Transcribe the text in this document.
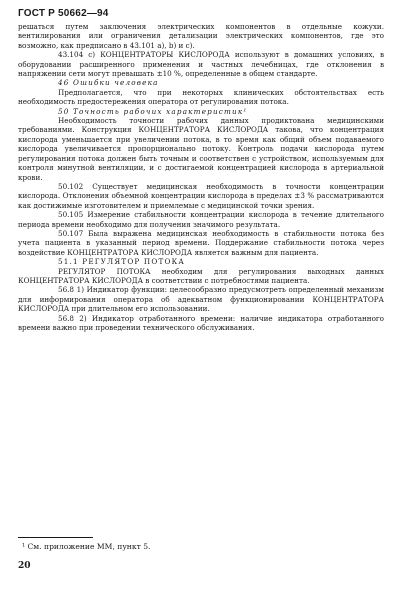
ГОСТ Р 50662—94

решаться путем заключения электрических компонентов в отдельные кожухи. вентилирования или ограничения детализации электрических компонентов, где это возможно, как предписано в 43.101 а), b) и с).

43.104 с) КОНЦЕНТРАТОРЫ КИСЛОРОДА используют в домашних условиях, в оборудовании расширенного применения и частных лечебницах, где отклонения в напряжении сети могут превышать ±10 %, определенные в общем стандарте.

46 Ошибки человека

Предполагается, что при некоторых клинических обстоятельствах есть необходимость предостережения оператора от регулирования потока.

50 Точность рабочих характеристик¹

Необходимость точности рабочих данных продиктована медицинскими требованиями. Конструкция КОНЦЕНТРАТОРА КИСЛОРОДА такова, что концентрация кислорода уменьшается при увеличении потока, в то время как общий объем подаваемого кислорода увеличивается пропорционально потоку. Контроль подачи кислорода путем регулирования потока должен быть точным и соответствен с устройством, используемым для контроля минутной вентиляции, и с достигаемой концентрацией кислорода в артериальной крови.

50.102 Существует медицинская необходимость в точности концентрации кислорода. Отклонения объемной концентрации кислорода в пределах ±3 % рассматриваются как достижимые изготовителем и приемлемые с медицинской точки зрения.

50.105 Измерение стабильности концентрации кислорода в течение длительного периода времени необходимо для получения значимого результата.

50.107 Была выражена медицинская необходимость в стабильности потока без учета пациента в указанный период времени. Поддержание стабильности потока через воздействие КОНЦЕНТРАТОРА КИСЛОРОДА является важным для пациента.

51.1 РЕГУЛЯТОР ПОТОКА

РЕГУЛЯТОР ПОТОКА необходим для регулирования выходных данных КОНЦЕНТРАТОРА КИСЛОРОДА в соответствии с потребностями пациента.

56.8 1) Индикатор функции: целесообразно предусмотреть определенный механизм для информирования оператора об адекватном функционировании КОНЦЕНТРАТОРА КИСЛОРОДА при длительном его использовании.

56.8 2) Индикатор отработанного времени: наличие индикатора отработанного времени важно при проведении технического обслуживания.

¹ См. приложение ММ, пункт 5.
20
